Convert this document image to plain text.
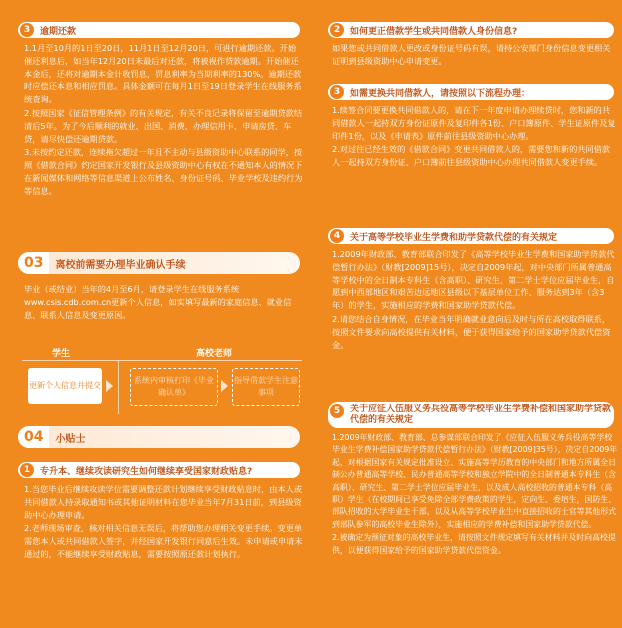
3	逾期还款

1.1月至10月的1日至20日，11月1日至12月20日，可进行逾期还款。开始催还利息后，如当年12月20日未最后对还款，将被视作贷款逾期。开始催还本金后，还将对逾期本金计收罚息，罚息利率为当期利率的130%。逾期还款时应偿还本息和相应罚息。具体金额可在每月1日至19日登录学生在线服务系统查询。

2.按照国家《征信管理条例》的有关规定，有关不良记录将保留至逾期贷款结清后5年。为了今后顺利的就业、出国、消费、办理信用卡、申请房贷、车贷，请尽快偿还逾期贷款。

3.未按约定还款，连续拖欠超过一年且不主动与县级资助中心联系的同学，按照《借款合同》约定国家开发银行及县级资助中心有权在不通知本人的情况下在新闻媒体和网络等信息渠道上公布姓名、身份证号码、毕业学校及违约行为等信息。

03	离校前需要办理毕业确认手续

毕业（或结业）当年的4月至6月，请登录学生在线服务系统www.csis.cdb.com.cn更新个人信息，如实填写最新的家庭信息、就业信息、联系人信息及变更原因。

学生	高校老师
更新个人信息并提交
系统内审核打印《毕业确认单》
指导借款学生注意事项
04	小贴士
1	专升本、继续攻读研究生如何继续享受国家财政贴息?

1.当您毕业后继续攻读学位需要调整还款计划继续享受财政贴息时，由本人或共同借款人持录取通知书或其他证明材料在您毕业当年7月31日前，到县级资助中心办理申请。

2.老师现场审查，核对相关信息无误后，将帮助您办理相关变更手续。变更单需您本人或共同借款人签字，并经国家开发银行同意后生效。未申请或申请未通过的，不能继续享受财政贴息，需要按照原还款计划执行。

2	如何更正借款学生或共同借款人身份信息?

如果您或共同借款人更改或身份证号码有误，请持公安部门身份信息变更相关证明到县级资助中心申请变更。

3	如需更换共同借款人，请按照以下流程办理：

1.续签合同要更换共同借款人的，请在下一年度申请办理续贷时，您和新的共同借款人一起持双方身份证原件及复印件各1份、户口簿原件、学生证原件及复印件1份，以及《申请表》原件前往县级资助中心办理。

2.对过往已经生效的《借款合同》变更共同借款人的，需要您和新的共同借款人一起持双方身份证、户口簿前往县级资助中心办理共同借款人变更手续。

4	关于高等学校毕业生学费和助学贷款代偿的有关规定

1.2009年财政部、教育部联合印发了《高等学校毕业生学费和国家助学贷款代偿暂行办法》（财教[2009]15号），决定自2009年起，对中央部门所属普通高等学校中的全日制本专科生（含高职）、研究生、第二学士学位应届毕业生，自愿到中西部地区和艰苦边远地区县级以下基层单位工作、服务达到3年（含3年）的学生，实施相应的学费和国家助学贷款代偿。

2.请您结合自身情况，在毕业当年明确就业意向后及时与所在高校取得联系，按照文件要求向高校提供有关材料，便于获得国家给予的国家助学贷款代偿资金。

5	关于应征入伍服义务兵役高等学校毕业生学费补偿和国家助学贷款代偿的有关规定

1.2009年财政部、教育部、总参谋部联合印发了《应征入伍服义务兵役高等学校毕业生学费补偿国家助学贷款代偿暂行办法》（财教[2009]35号），决定自2009年起，对根据国家有关规定批准设立、实施高等学历教育的中央部门和地方所属全日制公办普通高等学校、民办普通高等学校和独立学院中的全日制普通本专科生（含高职）、研究生、第二学士学位应届毕业生，以及成人高校招收的普通本专科（高职）学生（在校期间已享受免除全部学费政策的学生，定向生、委培生，国防生、部队招收的大学毕业生干部，以及从高等学校毕业生中直接招收的士官等其他形式到部队参军的高校毕业生除外），实施相应的学费补偿和国家助学贷款代偿。

2.被确定为预征对象的高校毕业生，请按照文件规定填写有关材料并及时向高校提供，以便获得国家给予的国家助学贷款代偿资金。
